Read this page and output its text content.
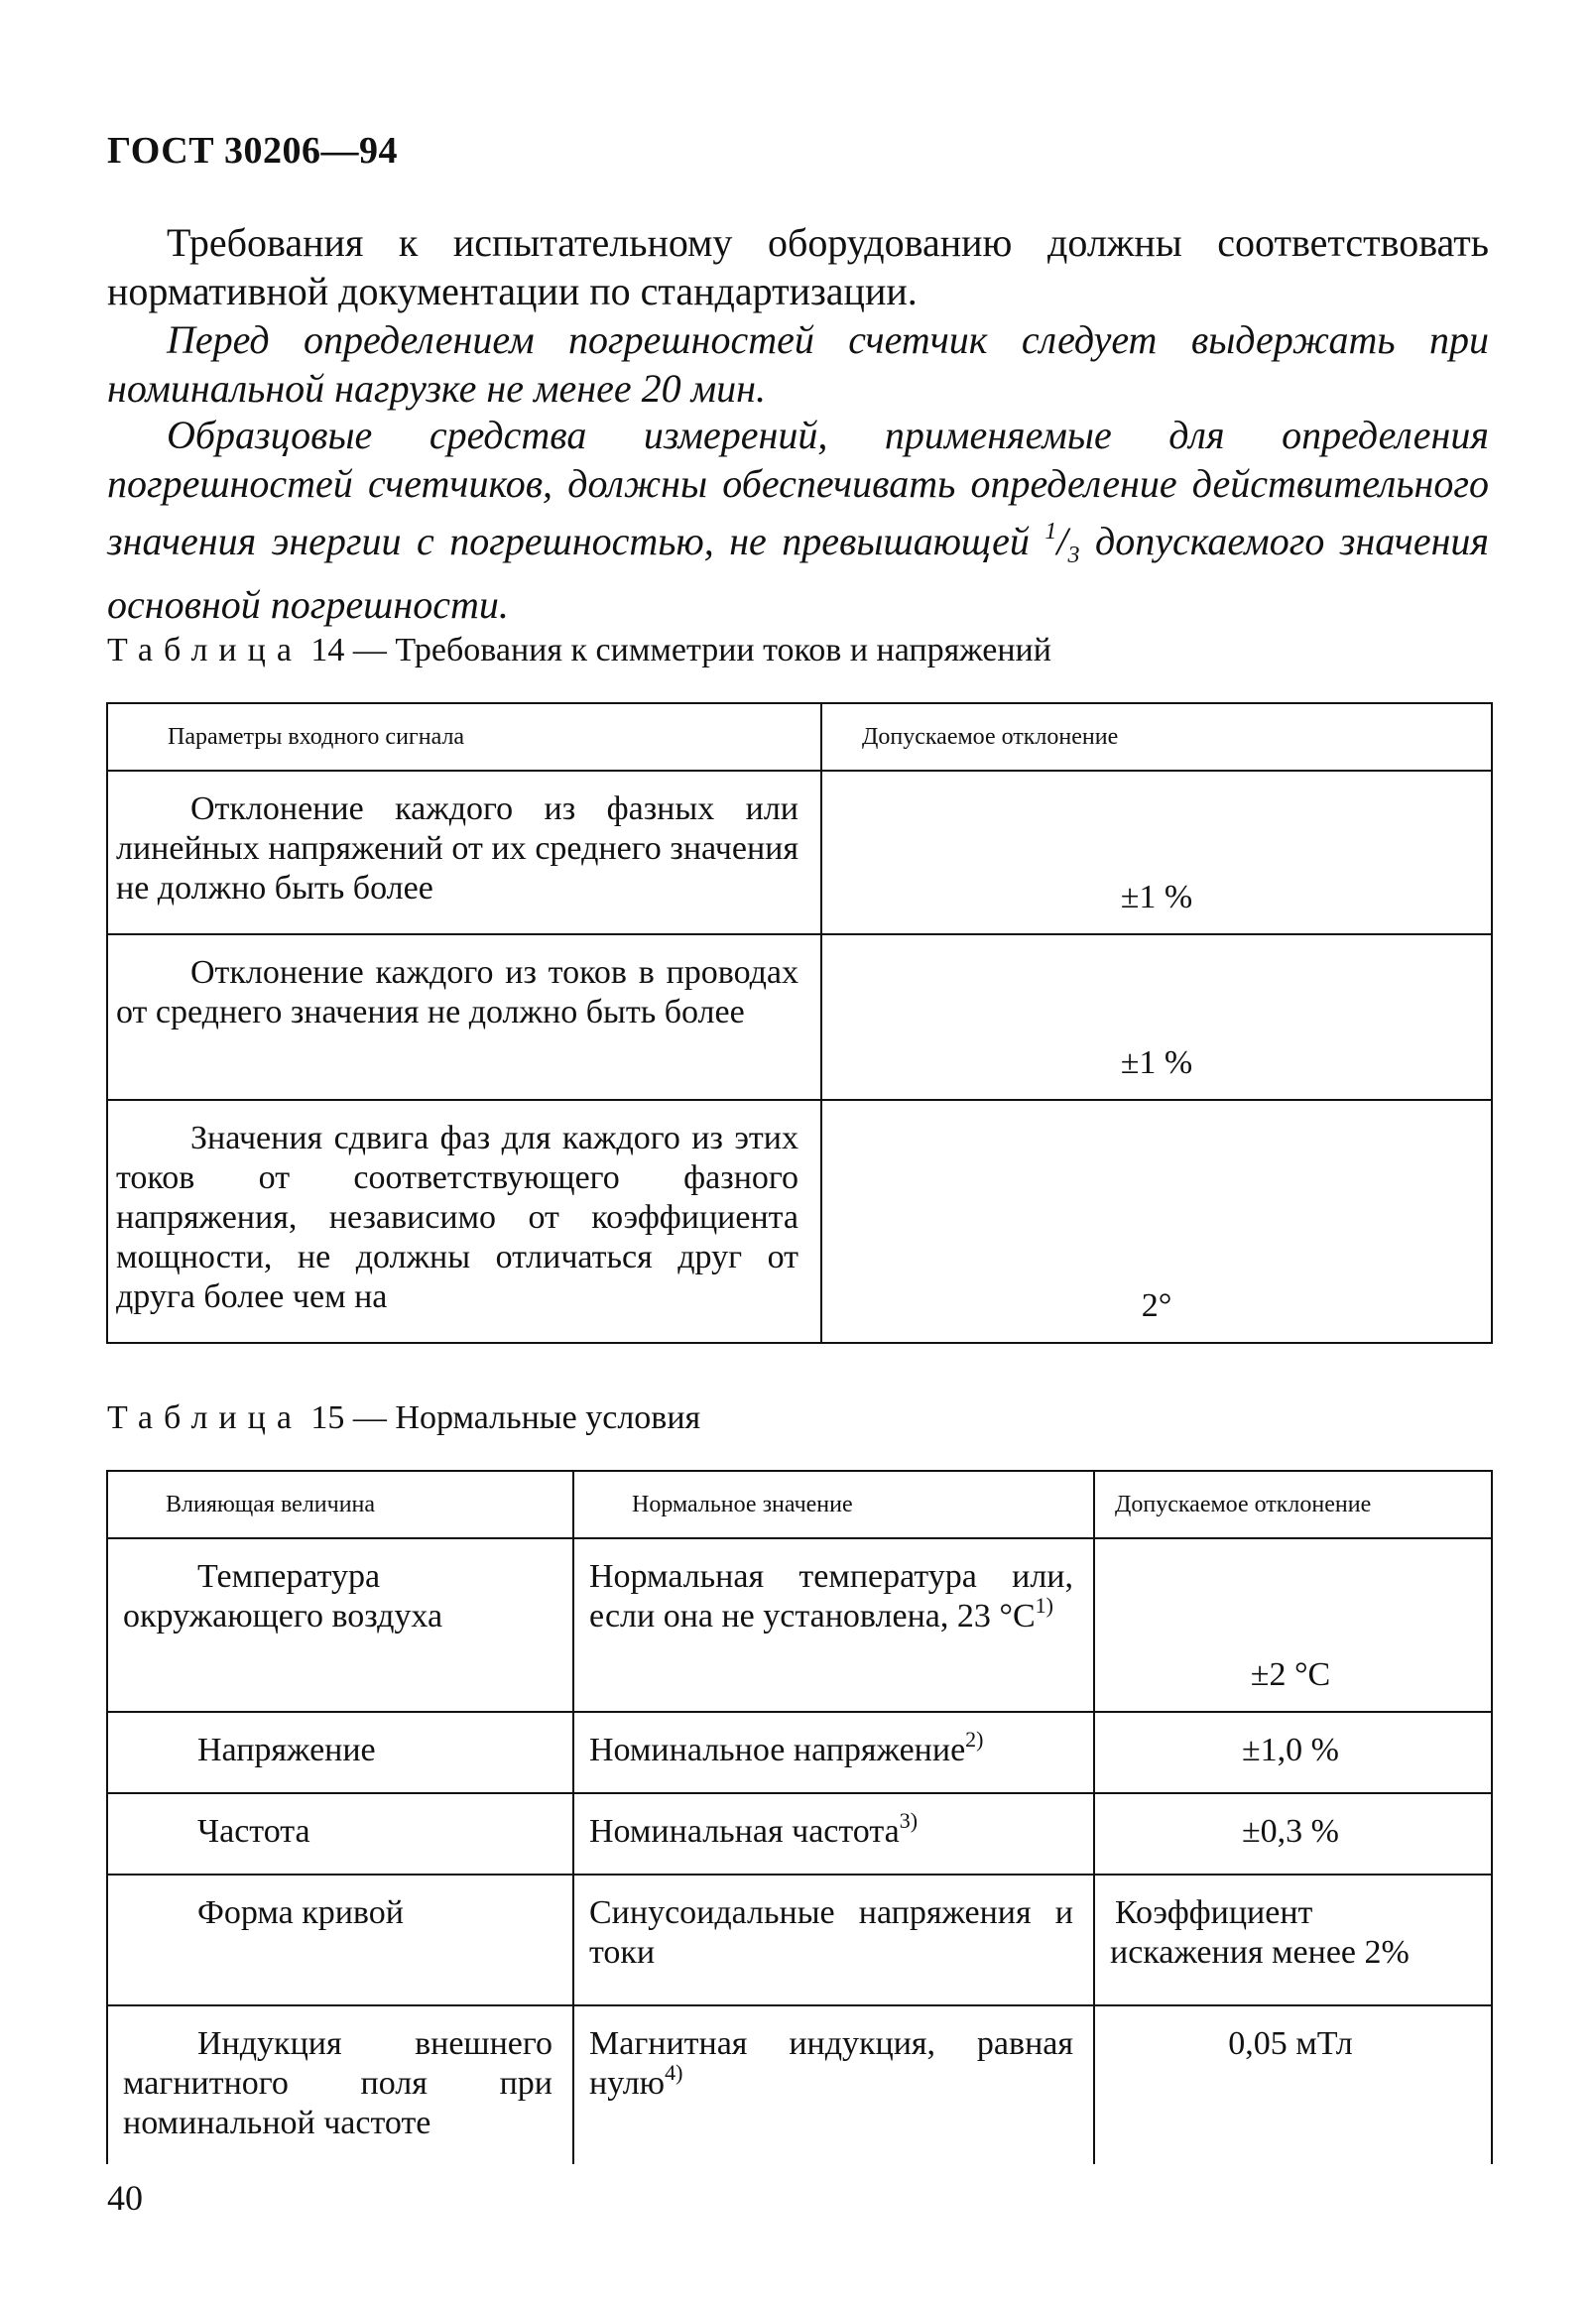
ГОСТ 30206—94

Требования к испытательному оборудованию должны соответствовать нормативной документации по стандартизации.

Перед определением погрешностей счетчик следует выдержать при номинальной нагрузке не менее 20 мин.

Образцовые средства измерений, применяемые для определения погрешностей счетчиков, должны обеспечивать определение действительного значения энергии с погрешностью, не превышающей $^1/_3$ допускаемого значения основной погрешности.

Таблица 14 — Требования к симметрии токов и напряжений
Параметры входного сигнала	Допускаемое отклонение
Отклонение каждого из фазных или линейных напряжений от их среднего значения не должно быть более	±1 %
Отклонение каждого из токов в проводах от среднего значения не должно быть более	±1 %
Значения сдвига фаз для каждого из этих токов от соответствующего фазного напряжения, независимо от коэффициента мощности, не должны отличаться друг от друга более чем на	2°
Таблица 15 — Нормальные условия
Влияющая величина	Нормальное значение	Допускаемое отклонение
Температура окружающего воздуха	Нормальная температура или, если она не установлена, 23 °С$^{1)}$	±2 °С
Напряжение	Номинальное напряжение$^{2)}$	±1,0 %
Частота	Номинальная частота$^{3)}$	±0,3 %
Форма кривой	Синусоидальные напряжения и токи	Коэффициент искажения менее 2%
Индукция внешнего магнитного поля при номинальной частоте	Магнитная индукция, равная нулю$^{4)}$	0,05 мТл
40
